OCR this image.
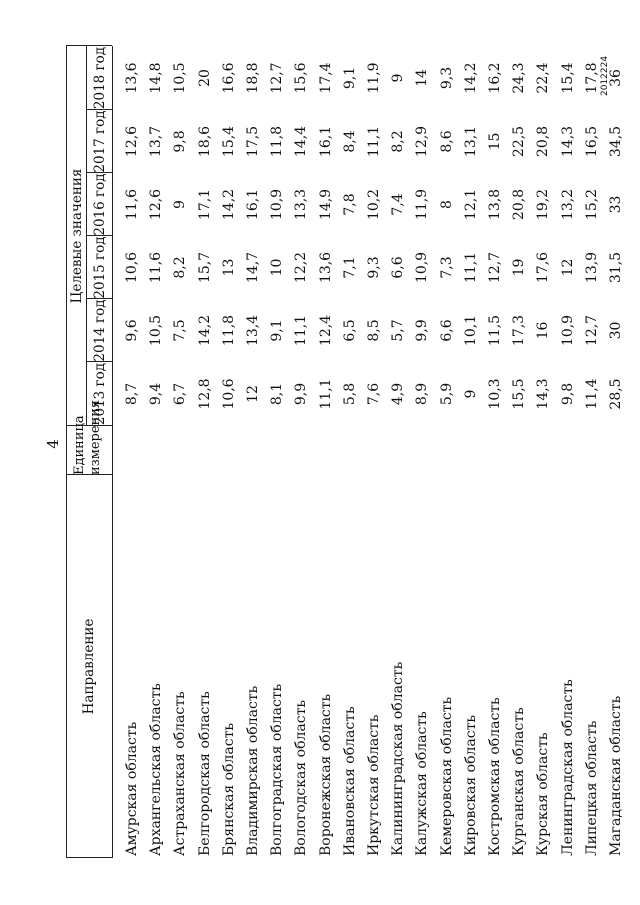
4
Направление
Единица измерения
Целевые значения
2013 год
2014 год
2015 год
2016 год
2017 год
2018 год
Амурская область
8,7
9,6
10,6
11,6
12,6
13,6
Архангельская область
9,4
10,5
11,6
12,6
13,7
14,8
Астраханская область
6,7
7,5
8,2
9
9,8
10,5
Белгородская область
12,8
14,2
15,7
17,1
18,6
20
Брянская область
10,6
11,8
13
14,2
15,4
16,6
Владимирская область
12
13,4
14,7
16,1
17,5
18,8
Волгоградская область
8,1
9,1
10
10,9
11,8
12,7
Вологодская область
9,9
11,1
12,2
13,3
14,4
15,6
Воронежская область
11,1
12,4
13,6
14,9
16,1
17,4
Ивановская область
5,8
6,5
7,1
7,8
8,4
9,1
Иркутская область
7,6
8,5
9,3
10,2
11,1
11,9
Калининградская область
4,9
5,7
6,6
7,4
8,2
9
Калужская область
8,9
9,9
10,9
11,9
12,9
14
Кемеровская область
5,9
6,6
7,3
8
8,6
9,3
Кировская область
9
10,1
11,1
12,1
13,1
14,2
Костромская область
10,3
11,5
12,7
13,8
15
16,2
Курганская область
15,5
17,3
19
20,8
22,5
24,3
Курская область
14,3
16
17,6
19,2
20,8
22,4
Ленинградская область
9,8
10,9
12
13,2
14,3
15,4
Липецкая область
11,4
12,7
13,9
15,2
16,5
17,8
Магаданская область
28,5
30
31,5
33
34,5
36
2012224
